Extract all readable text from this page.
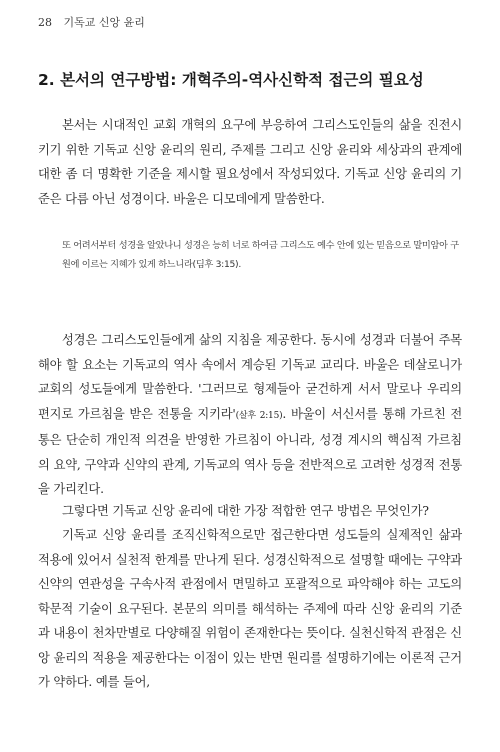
28 기독교 신앙 윤리
2. 본서의 연구방법: 개혁주의-역사신학적 접근의 필요성

본서는 시대적인 교회 개혁의 요구에 부응하여 그리스도인들의 삶을 진전시키기 위한 기독교 신앙 윤리의 원리, 주제를 그리고 신앙 윤리와 세상과의 관계에 대한 좀 더 명확한 기준을 제시할 필요성에서 작성되었다. 기독교 신앙 윤리의 기준은 다름 아닌 성경이다. 바울은 디모데에게 말씀한다.

또 어려서부터 성경을 알았나니 성경은 능히 너로 하여금 그리스도 예수 안에 있는 믿음으로 말미암아 구원에 이르는 지혜가 있게 하느니라(딤후 3:15).

성경은 그리스도인들에게 삶의 지침을 제공한다. 동시에 성경과 더불어 주목해야 할 요소는 기독교의 역사 속에서 계승된 기독교 교리다. 바울은 데살로니가 교회의 성도들에게 말씀한다. '그러므로 형제들아 굳건하게 서서 말로나 우리의 편지로 가르침을 받은 전통을 지키라'(살후 2:15). 바울이 서신서를 통해 가르친 전통은 단순히 개인적 의견을 반영한 가르침이 아니라, 성경 계시의 핵심적 가르침의 요약, 구약과 신약의 관계, 기독교의 역사 등을 전반적으로 고려한 성경적 전통을 가리킨다.

그렇다면 기독교 신앙 윤리에 대한 가장 적합한 연구 방법은 무엇인가?

기독교 신앙 윤리를 조직신학적으로만 접근한다면 성도들의 실제적인 삶과 적용에 있어서 실천적 한계를 만나게 된다. 성경신학적으로 설명할 때에는 구약과 신약의 연관성을 구속사적 관점에서 면밀하고 포괄적으로 파악해야 하는 고도의 학문적 기술이 요구된다. 본문의 의미를 해석하는 주제에 따라 신앙 윤리의 기준과 내용이 천차만별로 다양해질 위험이 존재한다는 뜻이다. 실천신학적 관점은 신앙 윤리의 적용을 제공한다는 이점이 있는 반면 원리를 설명하기에는 이론적 근거가 약하다. 예를 들어,
